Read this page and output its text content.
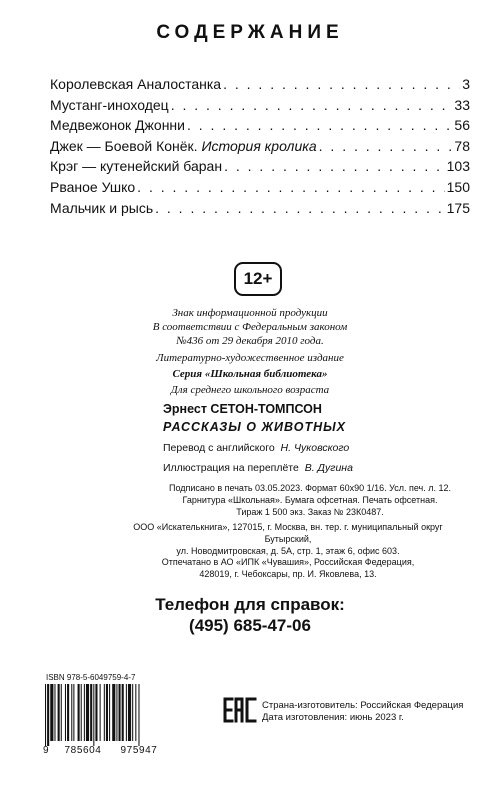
СОДЕРЖАНИЕ
Королевская Аналостанка . . .	3
Мустанг-иноходец . . .	33
Медвежонок Джонни . . .	56
Джек — Боевой Конёк. История кролика . . .	78
Крэг — кутенейский баран . . .	103
Рваное Ушко . . .	150
Мальчик и рысь . . .	175
12+
Знак информационной продукции
В соответствии с Федеральным законом
№436 от 29 декабря 2010 года.
Литературно-художественное издание
Серия «Школьная библиотека»
Для среднего школьного возраста
Эрнест СЕТОН-ТОМПСОН
РАССКАЗЫ О ЖИВОТНЫХ
Перевод с английского Н. Чуковского
Иллюстрация на переплёте В. Дугина
Подписано в печать 03.05.2023. Формат 60х90 1/16. Усл. печ. л. 12.
Гарнитура «Школьная». Бумага офсетная. Печать офсетная.
Тираж 1 500 экз. Заказ № 23К0487.
ООО «Искателькнига», 127015, г. Москва, вн. тер. г. муниципальный округ Бутырский,
ул. Новодмитровская, д. 5А, стр. 1, этаж 6, офис 603.
Отпечатано в АО «ИПК «Чувашия», Российская Федерация,
428019, г. Чебоксары, пр. И. Яковлева, 13.
Телефон для справок:
(495) 685-47-06
ISBN 978-5-6049759-4-7
9	785604	975947
Страна-изготовитель: Российская Федерация
Дата изготовления: июнь 2023 г.
